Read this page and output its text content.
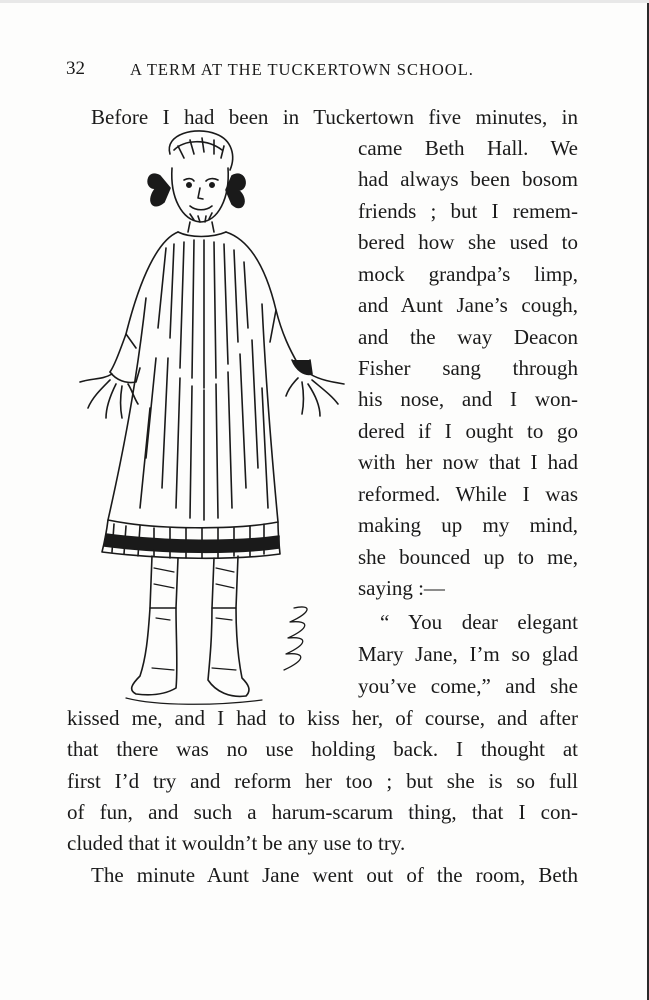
32	A TERM AT THE TUCKERTOWN SCHOOL.
Before I had been in Tuckertown five minutes, in
came Beth Hall. We
had always been bosom
friends ; but I remem-
bered how she used to
mock grandpa’s limp,
and Aunt Jane’s cough,
and the way Deacon
Fisher sang through
his nose, and I won-
dered if I ought to go
with her now that I had
reformed. While I was
making up my mind,
she bounced up to me,
saying :—
“ You dear elegant
Mary Jane, I’m so glad
you’ve come,” and she
kissed me, and I had to kiss her, of course, and after
that there was no use holding back. I thought at
first I’d try and reform her too ; but she is so full
of fun, and such a harum-scarum thing, that I con-
cluded that it wouldn’t be any use to try.
The minute Aunt Jane went out of the room, Beth
